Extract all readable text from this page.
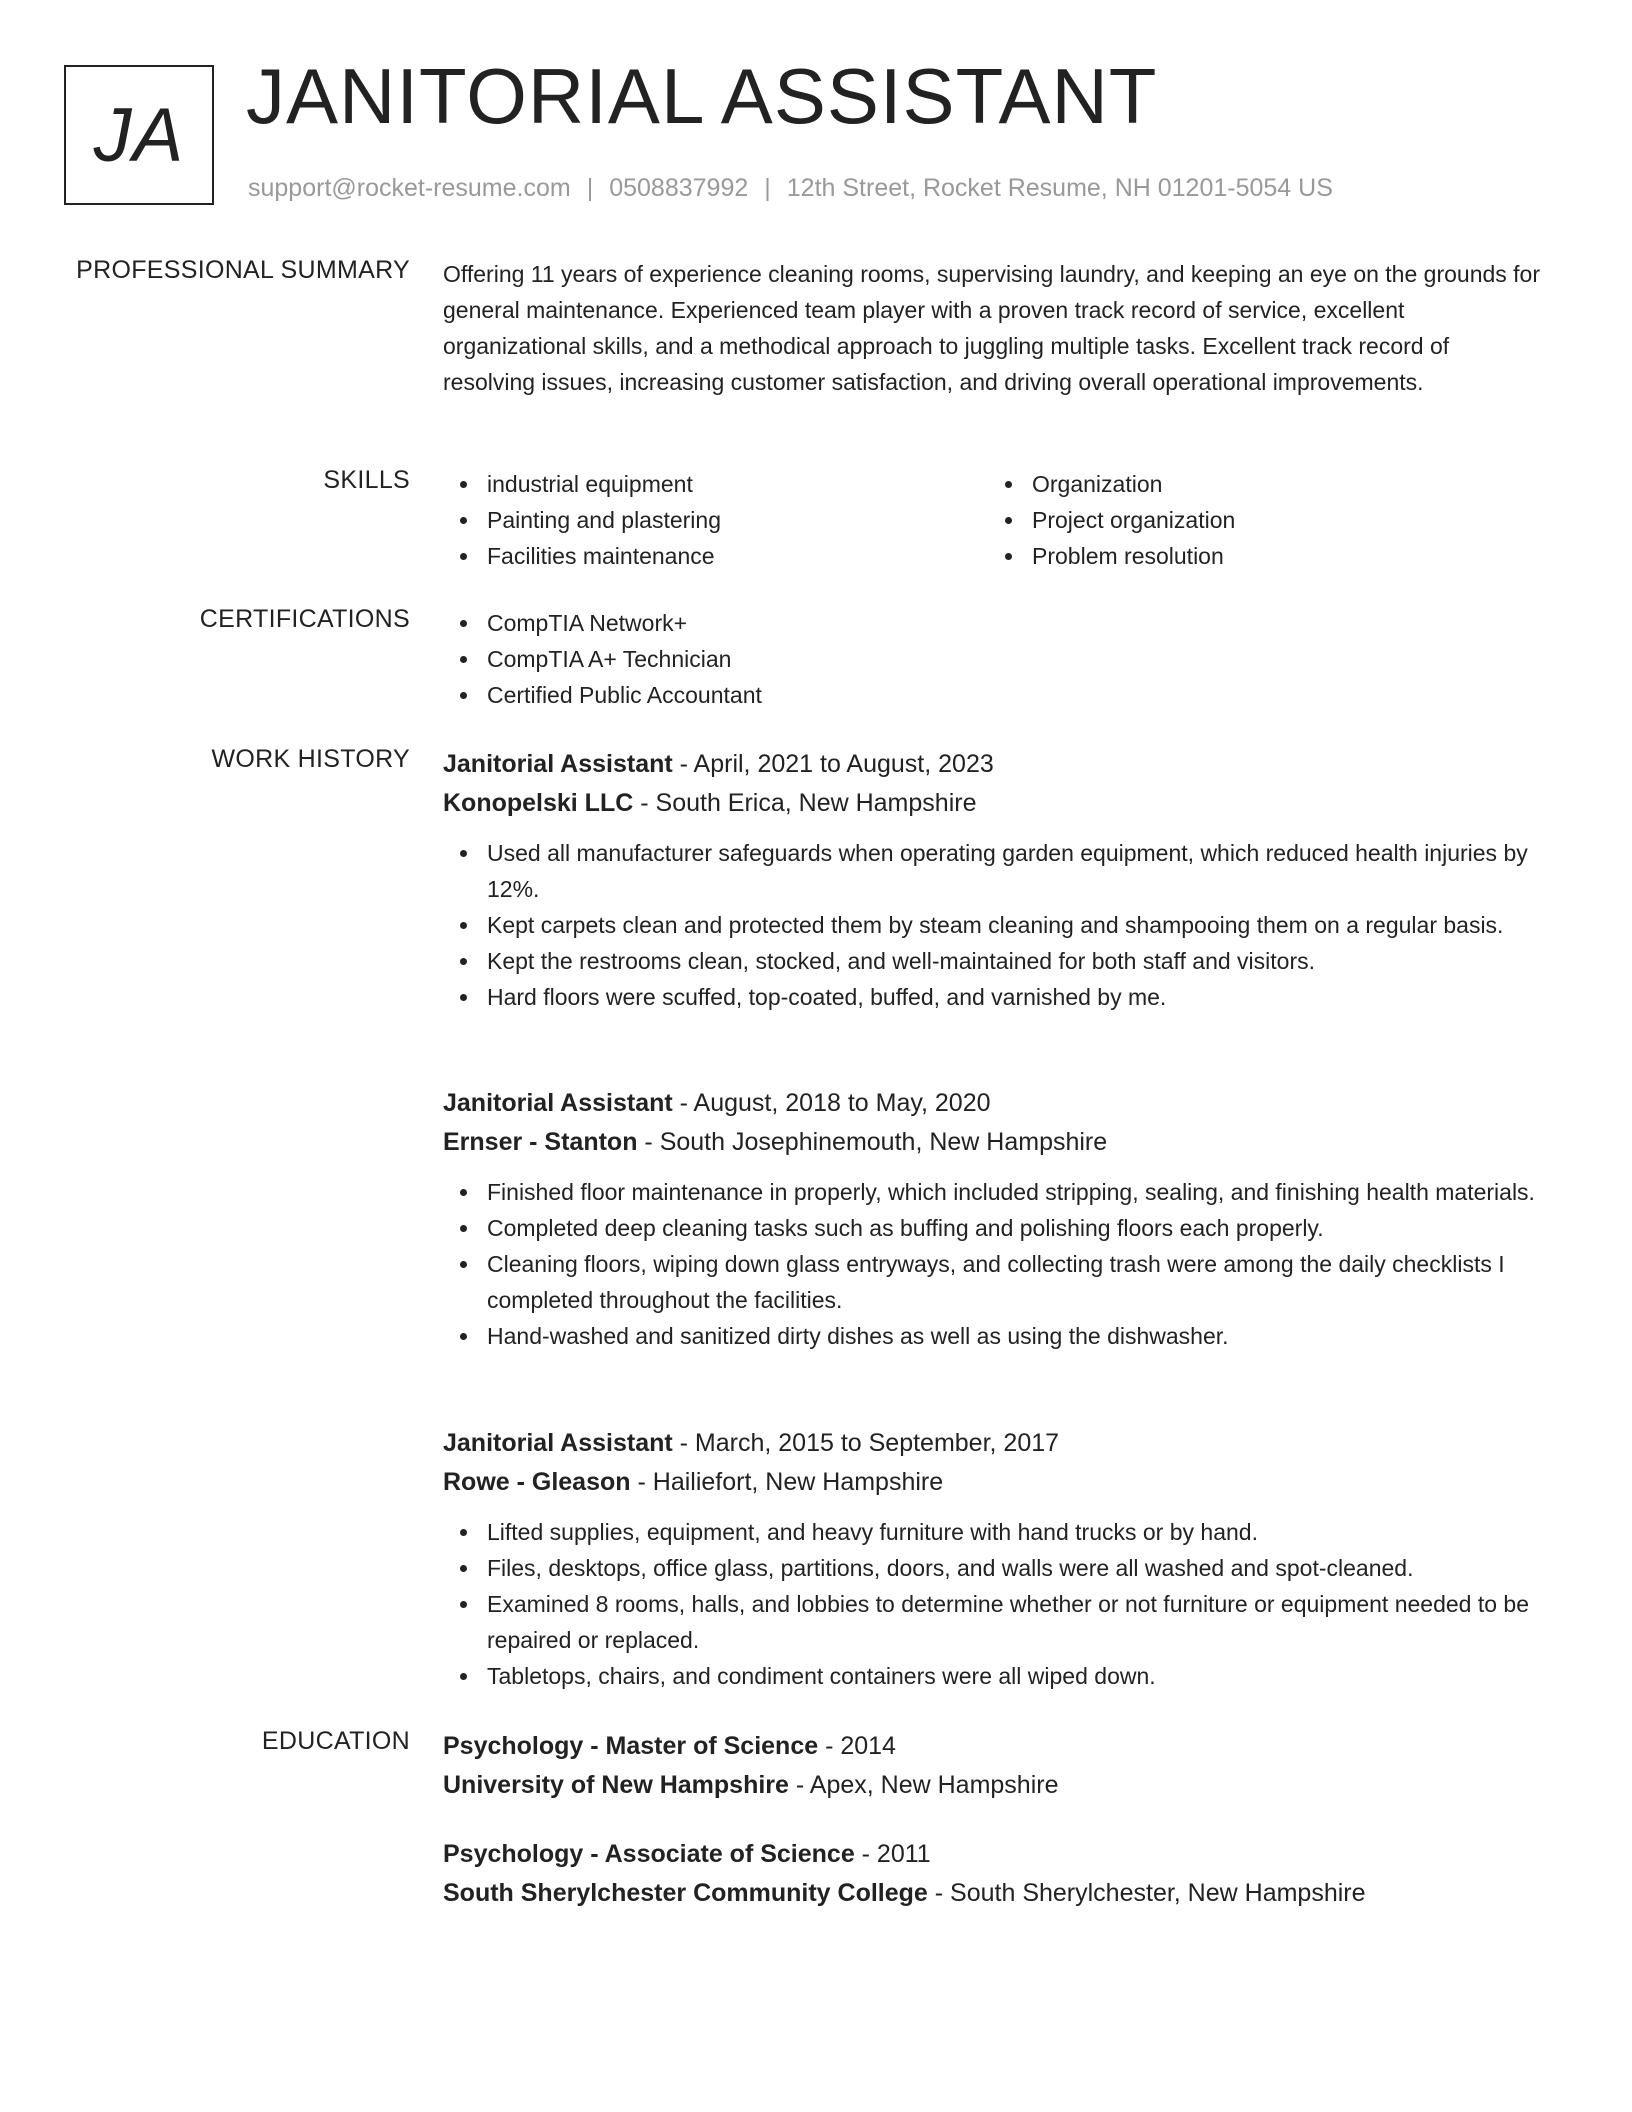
JA JANITORIAL ASSISTANT
support@rocket-resume.com | 0508837992 | 12th Street, Rocket Resume, NH 01201-5054 US
PROFESSIONAL SUMMARY Offering 11 years of experience cleaning rooms, supervising laundry, and keeping an eye on the grounds for general maintenance. Experienced team player with a proven track record of service, excellent organizational skills, and a methodical approach to juggling multiple tasks. Excellent track record of resolving issues, increasing customer satisfaction, and driving overall operational improvements.
SKILLS	industrial equipment
Painting and plastering
Facilities maintenance
Organization
Project organization
Problem resolution
CERTIFICATIONS	CompTIA Network+
CompTIA A+ Technician
Certified Public Accountant
WORK HISTORY Janitorial Assistant - April, 2021 to August, 2023
Konopelski LLC - South Erica, New Hampshire
Used all manufacturer safeguards when operating garden equipment, which reduced health injuries by 12%.
Kept carpets clean and protected them by steam cleaning and shampooing them on a regular basis.
Kept the restrooms clean, stocked, and well-maintained for both staff and visitors.
Hard floors were scuffed, top-coated, buffed, and varnished by me.
Janitorial Assistant - August, 2018 to May, 2020
Ernser - Stanton - South Josephinemouth, New Hampshire
Finished floor maintenance in properly, which included stripping, sealing, and finishing health materials.
Completed deep cleaning tasks such as buffing and polishing floors each properly.
Cleaning floors, wiping down glass entryways, and collecting trash were among the daily checklists I completed throughout the facilities.
Hand-washed and sanitized dirty dishes as well as using the dishwasher.
Janitorial Assistant - March, 2015 to September, 2017
Rowe - Gleason - Hailiefort, New Hampshire
Lifted supplies, equipment, and heavy furniture with hand trucks or by hand.
Files, desktops, office glass, partitions, doors, and walls were all washed and spot-cleaned.
Examined 8 rooms, halls, and lobbies to determine whether or not furniture or equipment needed to be repaired or replaced.
Tabletops, chairs, and condiment containers were all wiped down.
EDUCATION Psychology - Master of Science - 2014
University of New Hampshire - Apex, New Hampshire
Psychology - Associate of Science - 2011
South Sherylchester Community College - South Sherylchester, New Hampshire
